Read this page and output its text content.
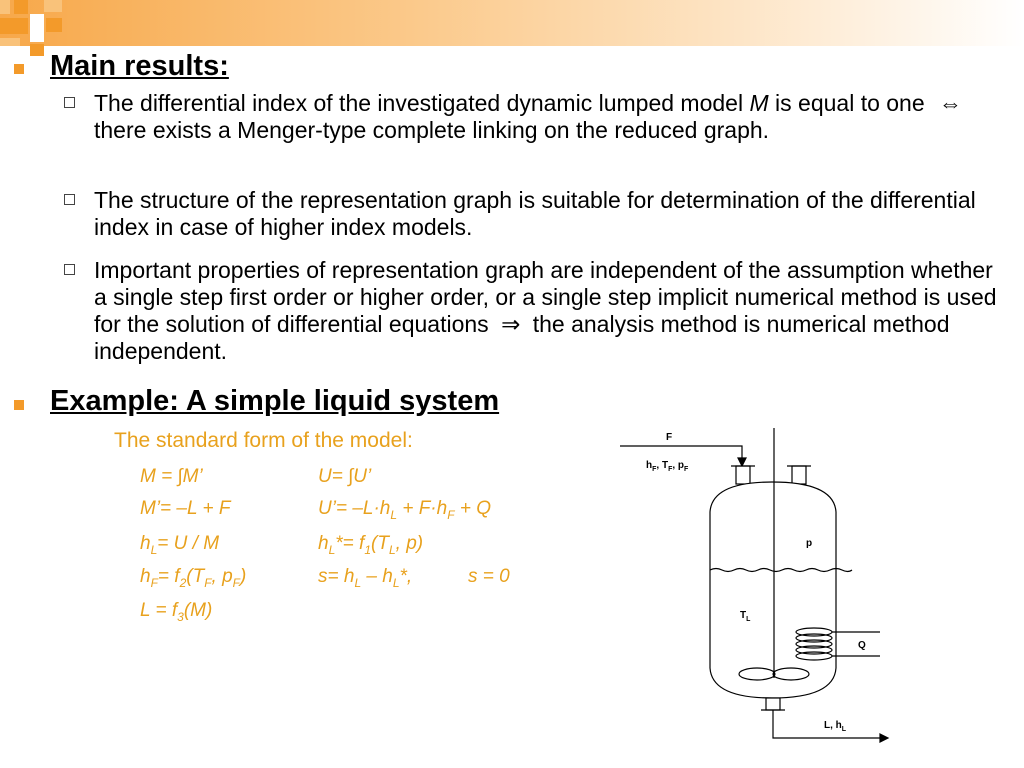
Main results:
The differential index of the investigated dynamic lumped model M is equal to one ⇔ there exists a Menger-type complete linking on the reduced graph.
The structure of the representation graph is suitable for determination of the differential index in case of higher index models.
Important properties of representation graph are independent of the assumption whether a single step first order or higher order, or a single step implicit numerical method is used for the solution of differential equations ⇒ the analysis method is numerical method independent.
Example: A simple liquid system
The standard form of the model:
M = ∫M’	U= ∫U’
M’= –L + F	U’= $-L\cdot h_L + F\cdot h_F + Q$
$h_L= U / M$	$h_L*= f_1(T_L$, p)
$h_F= f_2(T_F$, $p_F$)	$s= h_L - h_L*$,	s = 0
$L = f_3(M)$
F
$h_F$, $T_F$, $p_F$
p
$T_L$
Q
L, $h_L$
